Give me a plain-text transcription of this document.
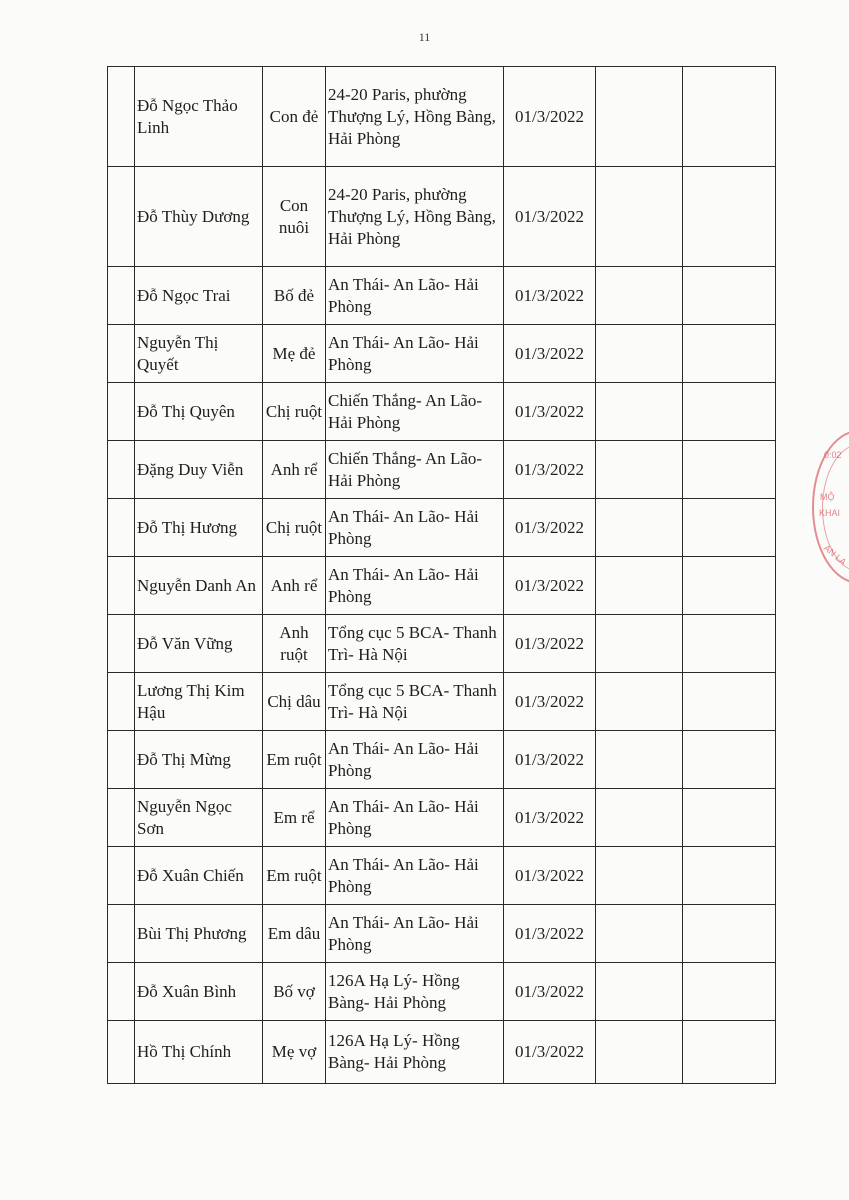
11
	Đỗ Ngọc Thảo Linh	Con đẻ	24-20 Paris, phường Thượng Lý, Hồng Bàng, Hải Phòng	01/3/2022		
	Đỗ Thùy Dương	Con nuôi	24-20 Paris, phường Thượng Lý, Hồng Bàng, Hải Phòng	01/3/2022		
	Đỗ Ngọc Trai	Bố đẻ	An Thái- An Lão- Hải Phòng	01/3/2022		
	Nguyễn Thị Quyết	Mẹ đẻ	An Thái- An Lão- Hải Phòng	01/3/2022		
	Đỗ Thị Quyên	Chị ruột	Chiến Thắng- An Lão- Hải Phòng	01/3/2022		
	Đặng Duy Viễn	Anh rể	Chiến Thắng- An Lão- Hải Phòng	01/3/2022		
	Đỗ Thị Hương	Chị ruột	An Thái- An Lão- Hải Phòng	01/3/2022		
	Nguyễn Danh An	Anh rể	An Thái- An Lão- Hải Phòng	01/3/2022		
	Đỗ Văn Vững	Anh ruột	Tổng cục 5 BCA- Thanh Trì- Hà Nội	01/3/2022		
	Lương Thị Kim Hậu	Chị dâu	Tổng cục 5 BCA- Thanh Trì- Hà Nội	01/3/2022		
	Đỗ Thị Mừng	Em ruột	An Thái- An Lão- Hải Phòng	01/3/2022		
	Nguyễn Ngọc Sơn	Em rể	An Thái- An Lão- Hải Phòng	01/3/2022		
	Đỗ Xuân Chiến	Em ruột	An Thái- An Lão- Hải Phòng	01/3/2022		
	Bùi Thị Phương	Em dâu	An Thái- An Lão- Hải Phòng	01/3/2022		
	Đỗ Xuân Bình	Bố vợ	126A Hạ Lý- Hồng Bàng- Hải Phòng	01/3/2022		
	Hồ Thị Chính	Mẹ vợ	126A Hạ Lý- Hồng Bàng- Hải Phòng	01/3/2022		
0:02
MỘ
KHAI
AN LA
